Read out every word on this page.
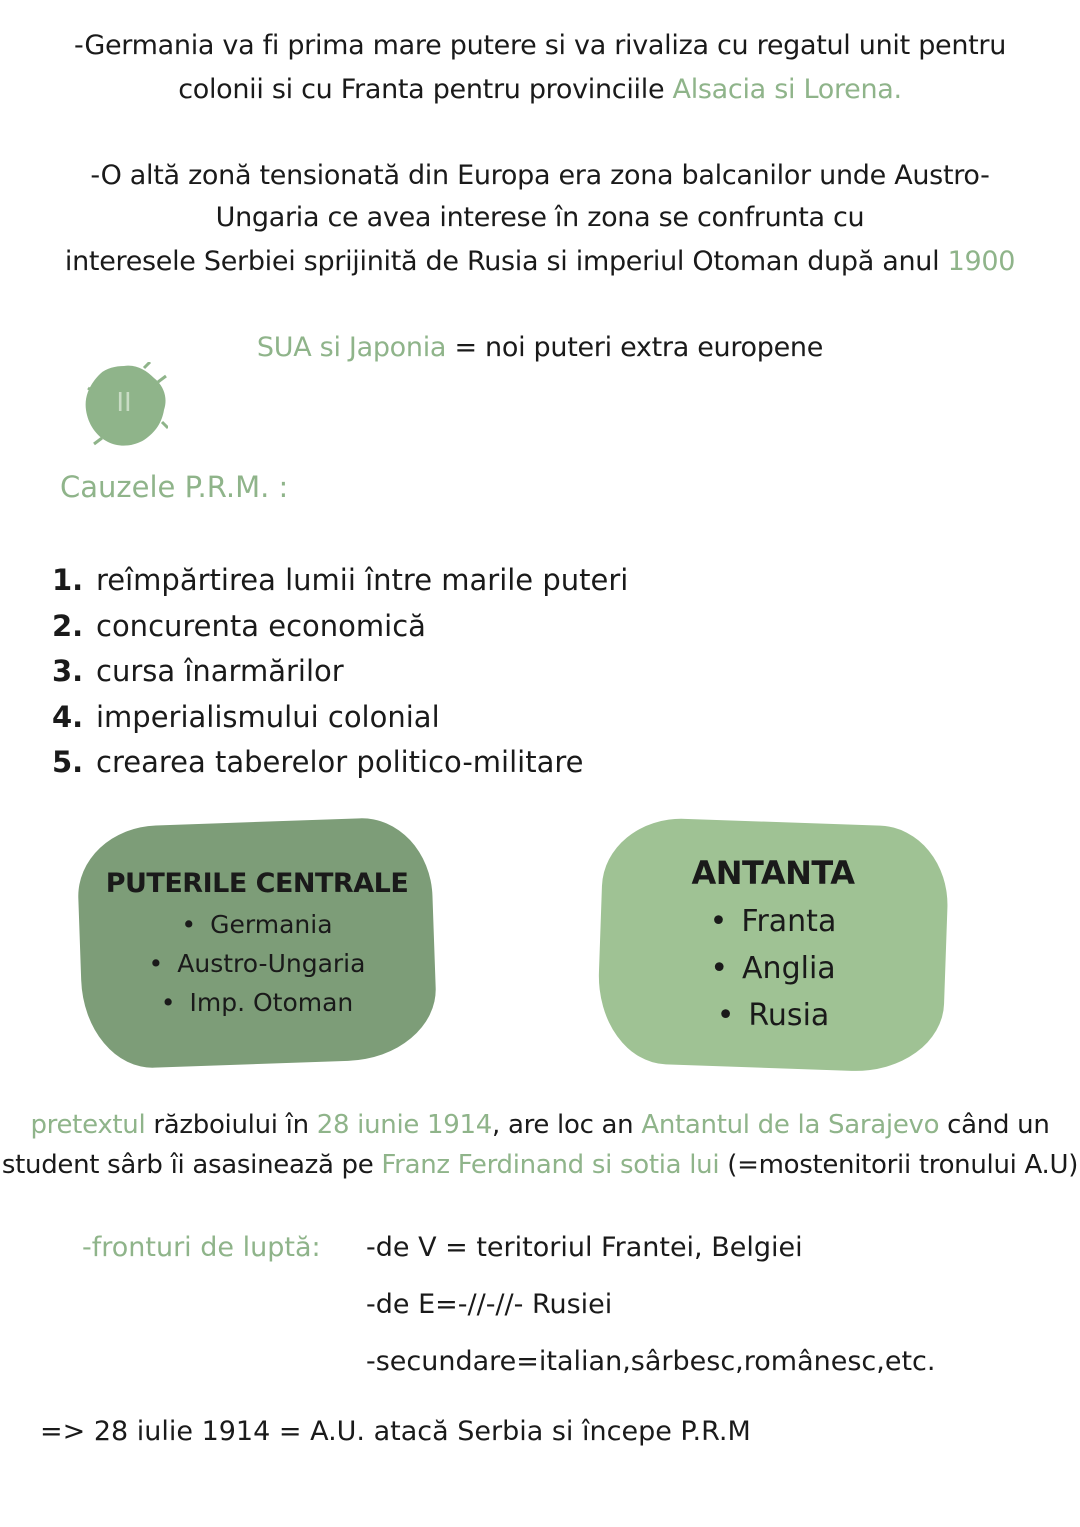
-Germania va fi prima mare putere si va rivaliza cu regatul unit pentru
colonii si cu Franta pentru provinciile Alsacia si Lorena.
-O altă zonă tensionată din Europa era zona balcanilor unde Austro-
Ungaria ce avea interese în zona se confrunta cu
interesele Serbiei sprijinită de Rusia si imperiul Otoman după anul 1900
SUA si Japonia = noi puteri extra europene
II
Cauzele P.R.M. :
1. reîmpărtirea lumii între marile puteri
2. concurenta economică
3. cursa înarmărilor
4. imperialismului colonial
5. crearea taberelor politico-militare
PUTERILE CENTRALE
• Germania
• Austro-Ungaria
• Imp. Otoman
ANTANTA
• Franta
• Anglia
• Rusia
pretextul războiului în 28 iunie 1914, are loc an Antantul de la Sarajevo când un
student sârb îi asasinează pe Franz Ferdinand si sotia lui (=mostenitorii tronului A.U)
-fronturi de luptă: -de V = teritoriul Frantei, Belgiei
-de E=-//-//- Rusiei
-secundare=italian,sârbesc,românesc,etc.
=> 28 iulie 1914 = A.U. atacă Serbia si începe P.R.M
